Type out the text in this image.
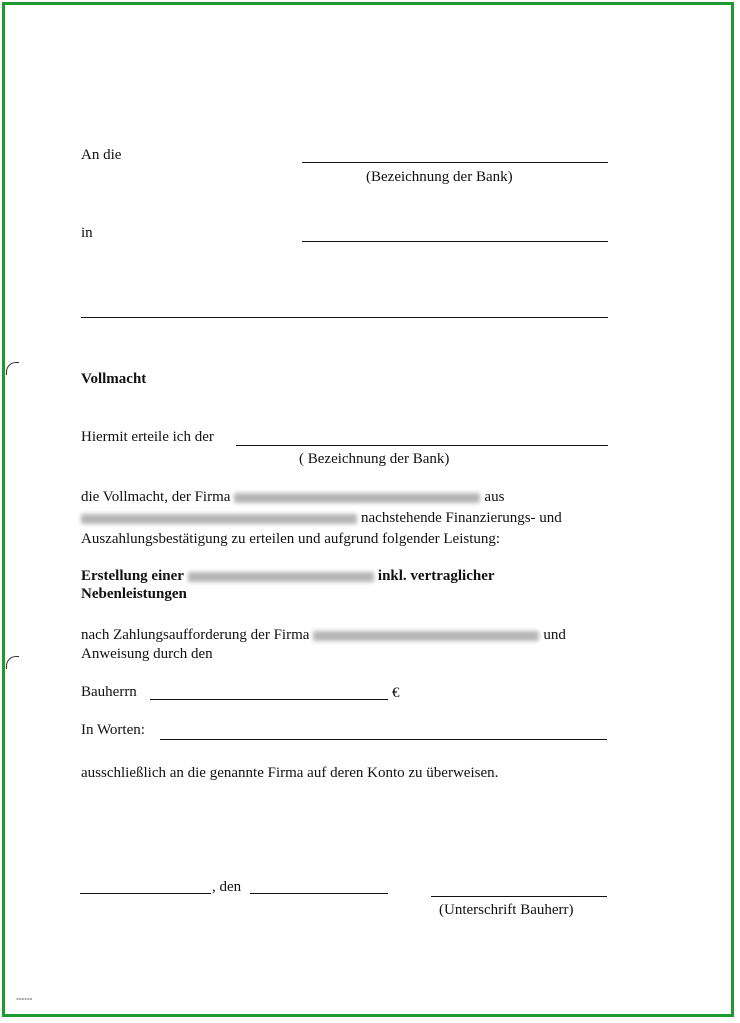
An die
(Bezeichnung der Bank)
in
Vollmacht
Hiermit erteile ich der
( Bezeichnung der Bank)
die Vollmacht, der Firma	aus
nachstehende Finanzierungs- und
Auszahlungsbestätigung zu erteilen und aufgrund folgender Leistung:
Erstellung einer	inkl. vertraglicher
Nebenleistungen
nach Zahlungsaufforderung der Firma	und
Anweisung durch den
Bauherrn	€
In Worten:
ausschließlich an die genannte Firma auf deren Konto zu überweisen.
, den
(Unterschrift Bauherr)
▪▪▪▪▪▪
